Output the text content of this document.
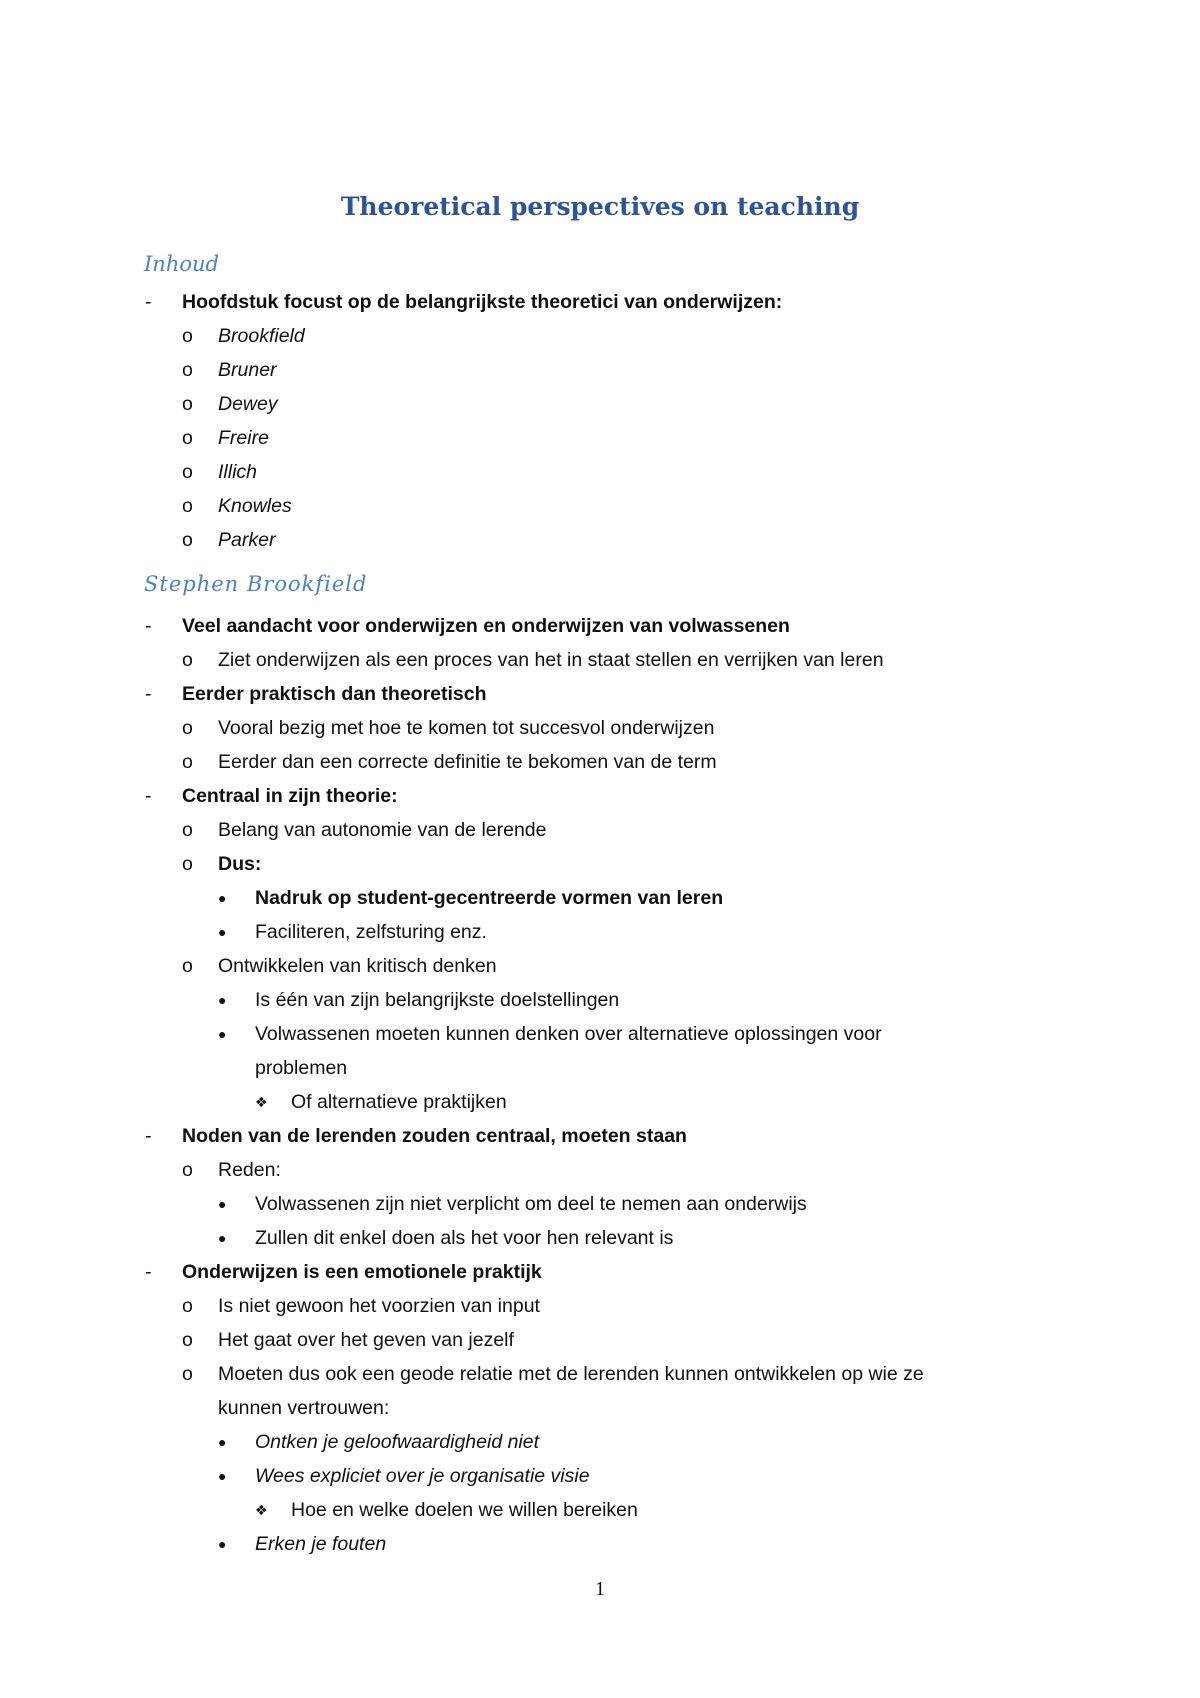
Theoretical perspectives on teaching
Inhoud
- Hoofdstuk focust op de belangrijkste theoretici van onderwijzen:
o Brookfield
o Bruner
o Dewey
o Freire
o Illich
o Knowles
o Parker
Stephen Brookfield
- Veel aandacht voor onderwijzen en onderwijzen van volwassenen
o Ziet onderwijzen als een proces van het in staat stellen en verrijken van leren
- Eerder praktisch dan theoretisch
o Vooral bezig met hoe te komen tot succesvol onderwijzen
o Eerder dan een correcte definitie te bekomen van de term
- Centraal in zijn theorie:
o Belang van autonomie van de lerende
o Dus:
● Nadruk op student-gecentreerde vormen van leren
● Faciliteren, zelfsturing enz.
o Ontwikkelen van kritisch denken
● Is één van zijn belangrijkste doelstellingen
● Volwassenen moeten kunnen denken over alternatieve oplossingen voor
problemen
❖ Of alternatieve praktijken
- Noden van de lerenden zouden centraal, moeten staan
o Reden:
● Volwassenen zijn niet verplicht om deel te nemen aan onderwijs
● Zullen dit enkel doen als het voor hen relevant is
- Onderwijzen is een emotionele praktijk
o Is niet gewoon het voorzien van input
o Het gaat over het geven van jezelf
o Moeten dus ook een geode relatie met de lerenden kunnen ontwikkelen op wie ze
kunnen vertrouwen:
● Ontken je geloofwaardigheid niet
● Wees expliciet over je organisatie visie
❖ Hoe en welke doelen we willen bereiken
● Erken je fouten
1
